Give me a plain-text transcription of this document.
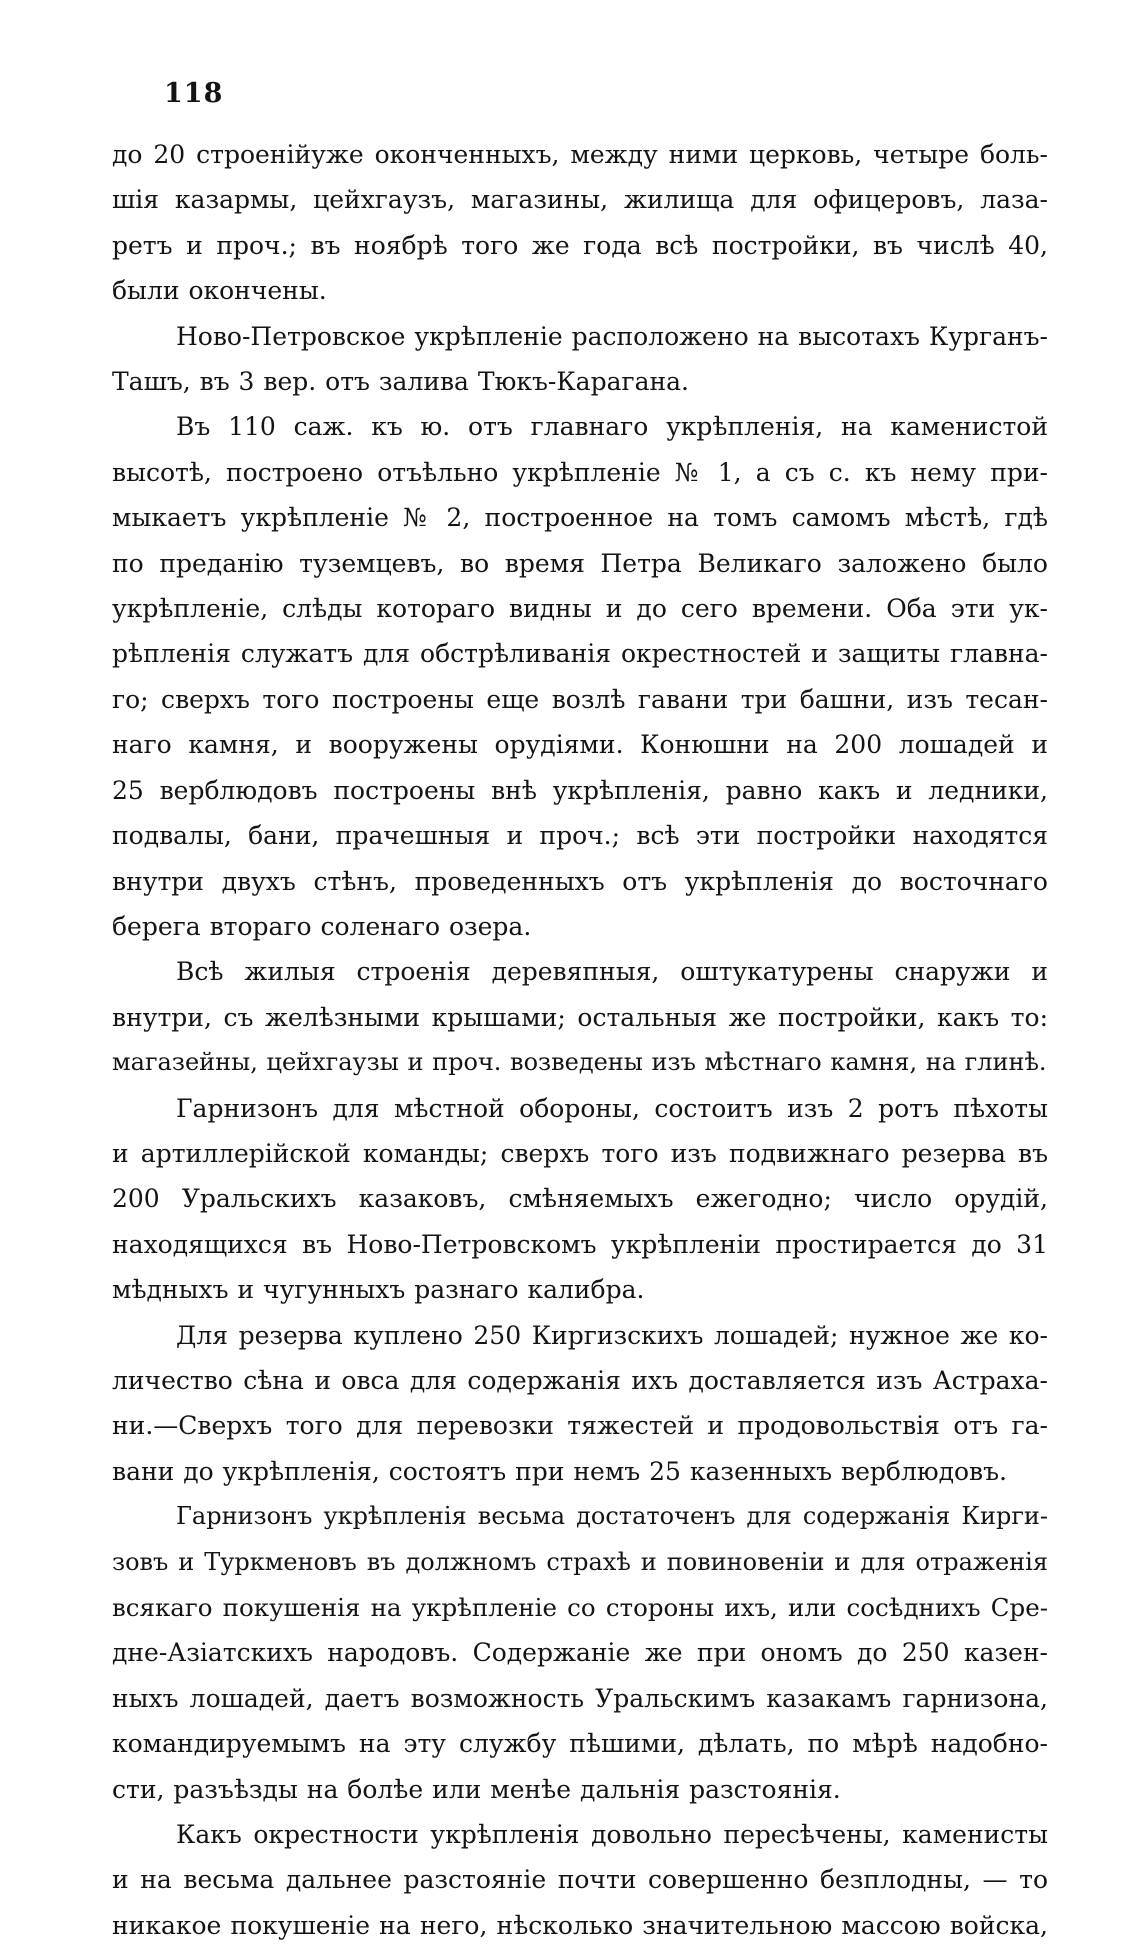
118

до 20 строенійуже оконченныхъ, между ними церковь, четыре боль-
шія казармы, цейхгаузъ, магазины, жилища для офицеровъ, лаза-
ретъ и проч.; въ ноябрѣ того же года всѣ постройки, въ числѣ 40,
были окончены.

Ново-Петровское укрѣпленіе расположено на высотахъ Курганъ-
Ташъ, въ 3 вер. отъ залива Тюкъ-Карагана.

Въ 110 саж. къ ю. отъ главнаго укрѣпленія, на каменистой
высотѣ, построено отъѣльно укрѣпленіе № 1, а съ с. къ нему при-
мыкаетъ укрѣпленіе № 2, построенное на томъ самомъ мѣстѣ, гдѣ
по преданію туземцевъ, во время Петра Великаго заложено было
укрѣпленіе, слѣды котораго видны и до сего времени. Оба эти ук-
рѣпленія служатъ для обстрѣливанія окрестностей и защиты главна-
го; сверхъ того построены еще возлѣ гавани три башни, изъ тесан-
наго камня, и вооружены орудіями. Конюшни на 200 лошадей и
25 верблюдовъ построены внѣ укрѣпленія, равно какъ и ледники,
подвалы, бани, прачешныя и проч.; всѣ эти постройки находятся
внутри двухъ стѣнъ, проведенныхъ отъ укрѣпленія до восточнаго
берега втораго соленаго озера.

Всѣ жилыя строенія деревяпныя, оштукатурены снаружи и
внутри, съ желѣзными крышами; остальныя же постройки, какъ то:
магазейны, цейхгаузы и проч. возведены изъ мѣстнаго камня, на глинѣ.

Гарнизонъ для мѣстной обороны, состоитъ изъ 2 ротъ пѣхоты
и артиллерійской команды; сверхъ того изъ подвижнаго резерва въ
200 Уральскихъ казаковъ, смѣняемыхъ ежегодно; число орудій,
находящихся въ Ново-Петровскомъ укрѣпленіи простирается до 31
мѣдныхъ и чугунныхъ разнаго калибра.

Для резерва куплено 250 Киргизскихъ лошадей; нужное же ко-
личество сѣна и овса для содержанія ихъ доставляется изъ Астраха-
ни.—Сверхъ того для перевозки тяжестей и продовольствія отъ га-
вани до укрѣпленія, состоятъ при немъ 25 казенныхъ верблюдовъ.

Гарнизонъ укрѣпленія весьма достаточенъ для содержанія Кирги-
зовъ и Туркменовъ въ должномъ страхѣ и повиновеніи и для отраженія
всякаго покушенія на укрѣпленіе со стороны ихъ, или сосѣднихъ Сре-
дне-Азіатскихъ народовъ. Содержаніе же при ономъ до 250 казен-
ныхъ лошадей, даетъ возможность Уральскимъ казакамъ гарнизона,
командируемымъ на эту службу пѣшими, дѣлать, по мѣрѣ надобно-
сти, разъѣзды на болѣе или менѣе дальнія разстоянія.

Какъ окрестности укрѣпленія довольно пересѣчены, каменисты
и на весьма дальнее разстояніе почти совершенно безплодны, — то
никакое покушеніе на него, нѣсколько значительною массою войска,
